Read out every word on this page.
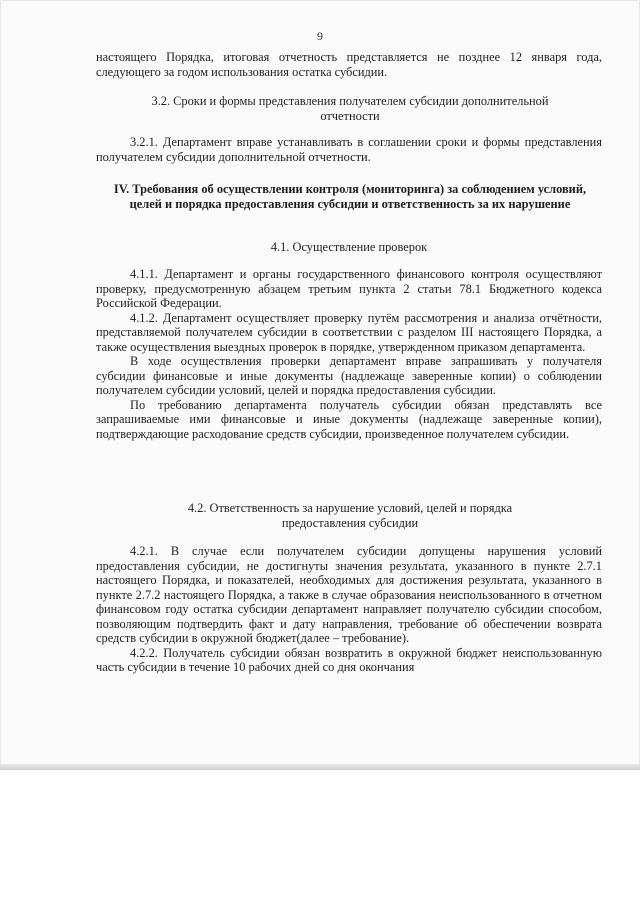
9

настоящего Порядка, итоговая отчетность представляется не позднее 12 января года, следующего за годом использования остатка субсидии.

3.2. Сроки и формы представления получателем субсидии дополнительной отчетности

3.2.1. Департамент вправе устанавливать в соглашении сроки и формы представления получателем субсидии дополнительной отчетности.

IV. Требования об осуществлении контроля (мониторинга) за соблюдением условий, целей и порядка предоставления субсидии и ответственность за их нарушение
4.1. Осуществление проверок

4.1.1. Департамент и органы государственного финансового контроля осуществляют проверку, предусмотренную абзацем третьим пункта 2 статьи 78.1 Бюджетного кодекса Российской Федерации.

4.1.2. Департамент осуществляет проверку путём рассмотрения и анализа отчётности, представляемой получателем субсидии в соответствии с разделом III настоящего Порядка, а также осуществления выездных проверок в порядке, утвержденном приказом департамента.

В ходе осуществления проверки департамент вправе запрашивать у получателя субсидии финансовые и иные документы (надлежаще заверенные копии) о соблюдении получателем субсидии условий, целей и порядка предоставления субсидии.

По требованию департамента получатель субсидии обязан представлять все запрашиваемые ими финансовые и иные документы (надлежаще заверенные копии), подтверждающие расходование средств субсидии, произведенное получателем субсидии.

4.2. Ответственность за нарушение условий, целей и порядка предоставления субсидии

4.2.1. В случае если получателем субсидии допущены нарушения условий предоставления субсидии, не достигнуты значения результата, указанного в пункте 2.7.1 настоящего Порядка, и показателей, необходимых для достижения результата, указанного в пункте 2.7.2 настоящего Порядка, а также в случае образования неиспользованного в отчетном финансовом году остатка субсидии департамент направляет получателю субсидии способом, позволяющим подтвердить факт и дату направления, требование об обеспечении возврата средств субсидии в окружной бюджет(далее – требование).

4.2.2. Получатель субсидии обязан возвратить в окружной бюджет неиспользованную часть субсидии в течение 10 рабочих дней со дня окончания
